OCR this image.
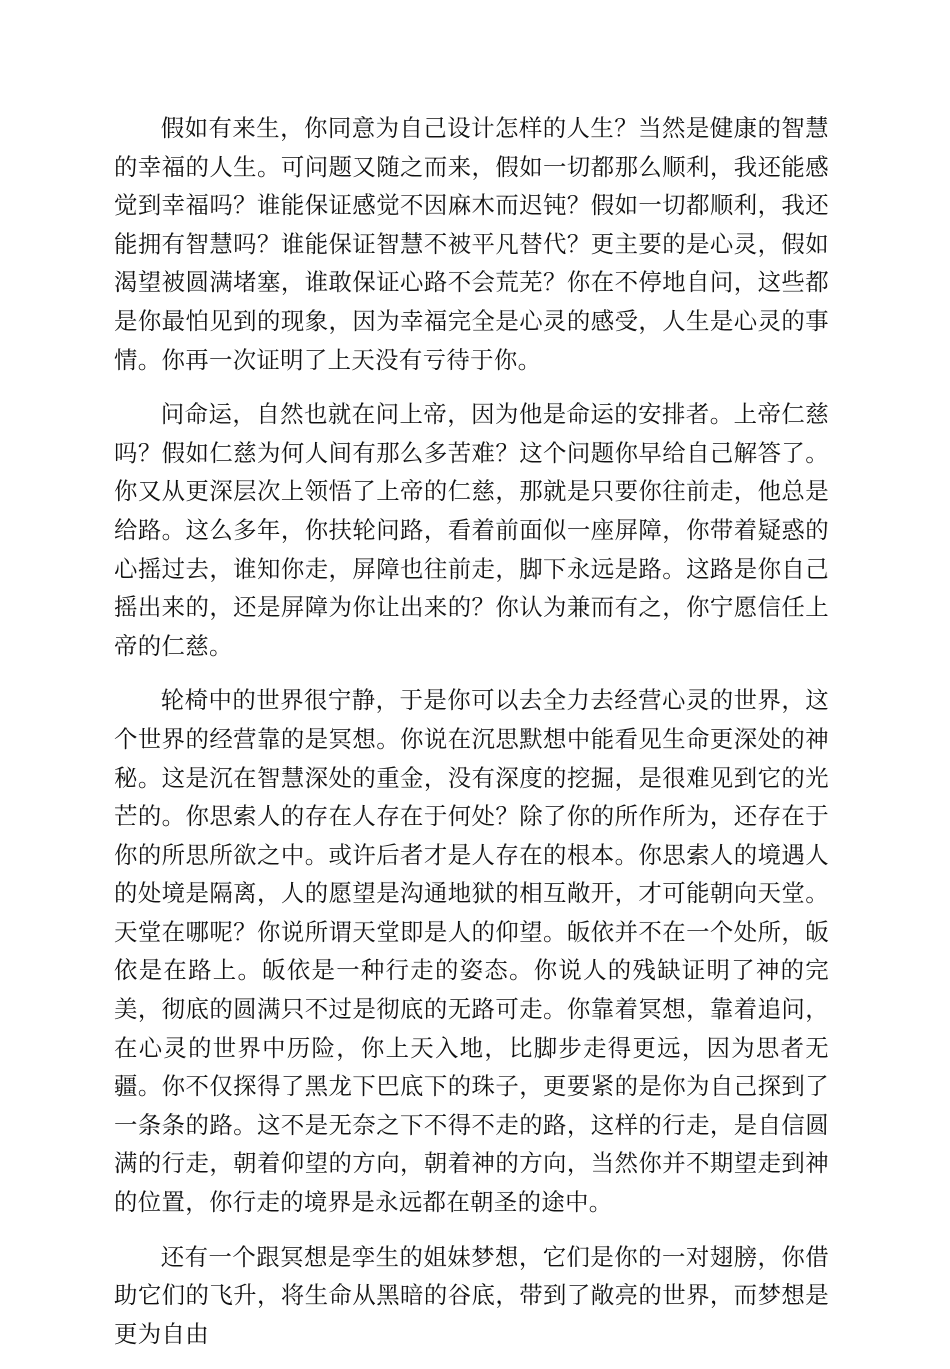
假如有来生，你同意为自己设计怎样的人生？当然是健康的智慧的幸福的人生。可问题又随之而来，假如一切都那么顺利，我还能感觉到幸福吗？谁能保证感觉不因麻木而迟钝？假如一切都顺利，我还能拥有智慧吗？谁能保证智慧不被平凡替代？更主要的是心灵，假如渴望被圆满堵塞，谁敢保证心路不会荒芜？你在不停地自问，这些都是你最怕见到的现象，因为幸福完全是心灵的感受，人生是心灵的事情。你再一次证明了上天没有亏待于你。

问命运，自然也就在问上帝，因为他是命运的安排者。上帝仁慈吗？假如仁慈为何人间有那么多苦难？这个问题你早给自己解答了。你又从更深层次上领悟了上帝的仁慈，那就是只要你往前走，他总是给路。这么多年，你扶轮问路，看着前面似一座屏障，你带着疑惑的心摇过去，谁知你走，屏障也往前走，脚下永远是路。这路是你自己摇出来的，还是屏障为你让出来的？你认为兼而有之，你宁愿信任上帝的仁慈。

轮椅中的世界很宁静，于是你可以去全力去经营心灵的世界，这个世界的经营靠的是冥想。你说在沉思默想中能看见生命更深处的神秘。这是沉在智慧深处的重金，没有深度的挖掘，是很难见到它的光芒的。你思索人的存在人存在于何处？除了你的所作所为，还存在于你的所思所欲之中。或许后者才是人存在的根本。你思索人的境遇人的处境是隔离，人的愿望是沟通地狱的相互敞开，才可能朝向天堂。天堂在哪呢？你说所谓天堂即是人的仰望。皈依并不在一个处所，皈依是在路上。皈依是一种行走的姿态。你说人的残缺证明了神的完美，彻底的圆满只不过是彻底的无路可走。你靠着冥想，靠着追问，在心灵的世界中历险，你上天入地，比脚步走得更远，因为思者无疆。你不仅探得了黑龙下巴底下的珠子，更要紧的是你为自己探到了一条条的路。这不是无奈之下不得不走的路，这样的行走，是自信圆满的行走，朝着仰望的方向，朝着神的方向，当然你并不期望走到神的位置，你行走的境界是永远都在朝圣的途中。

还有一个跟冥想是孪生的姐妹梦想，它们是你的一对翅膀，你借助它们的飞升，将生命从黑暗的谷底，带到了敞亮的世界，而梦想是更为自由
